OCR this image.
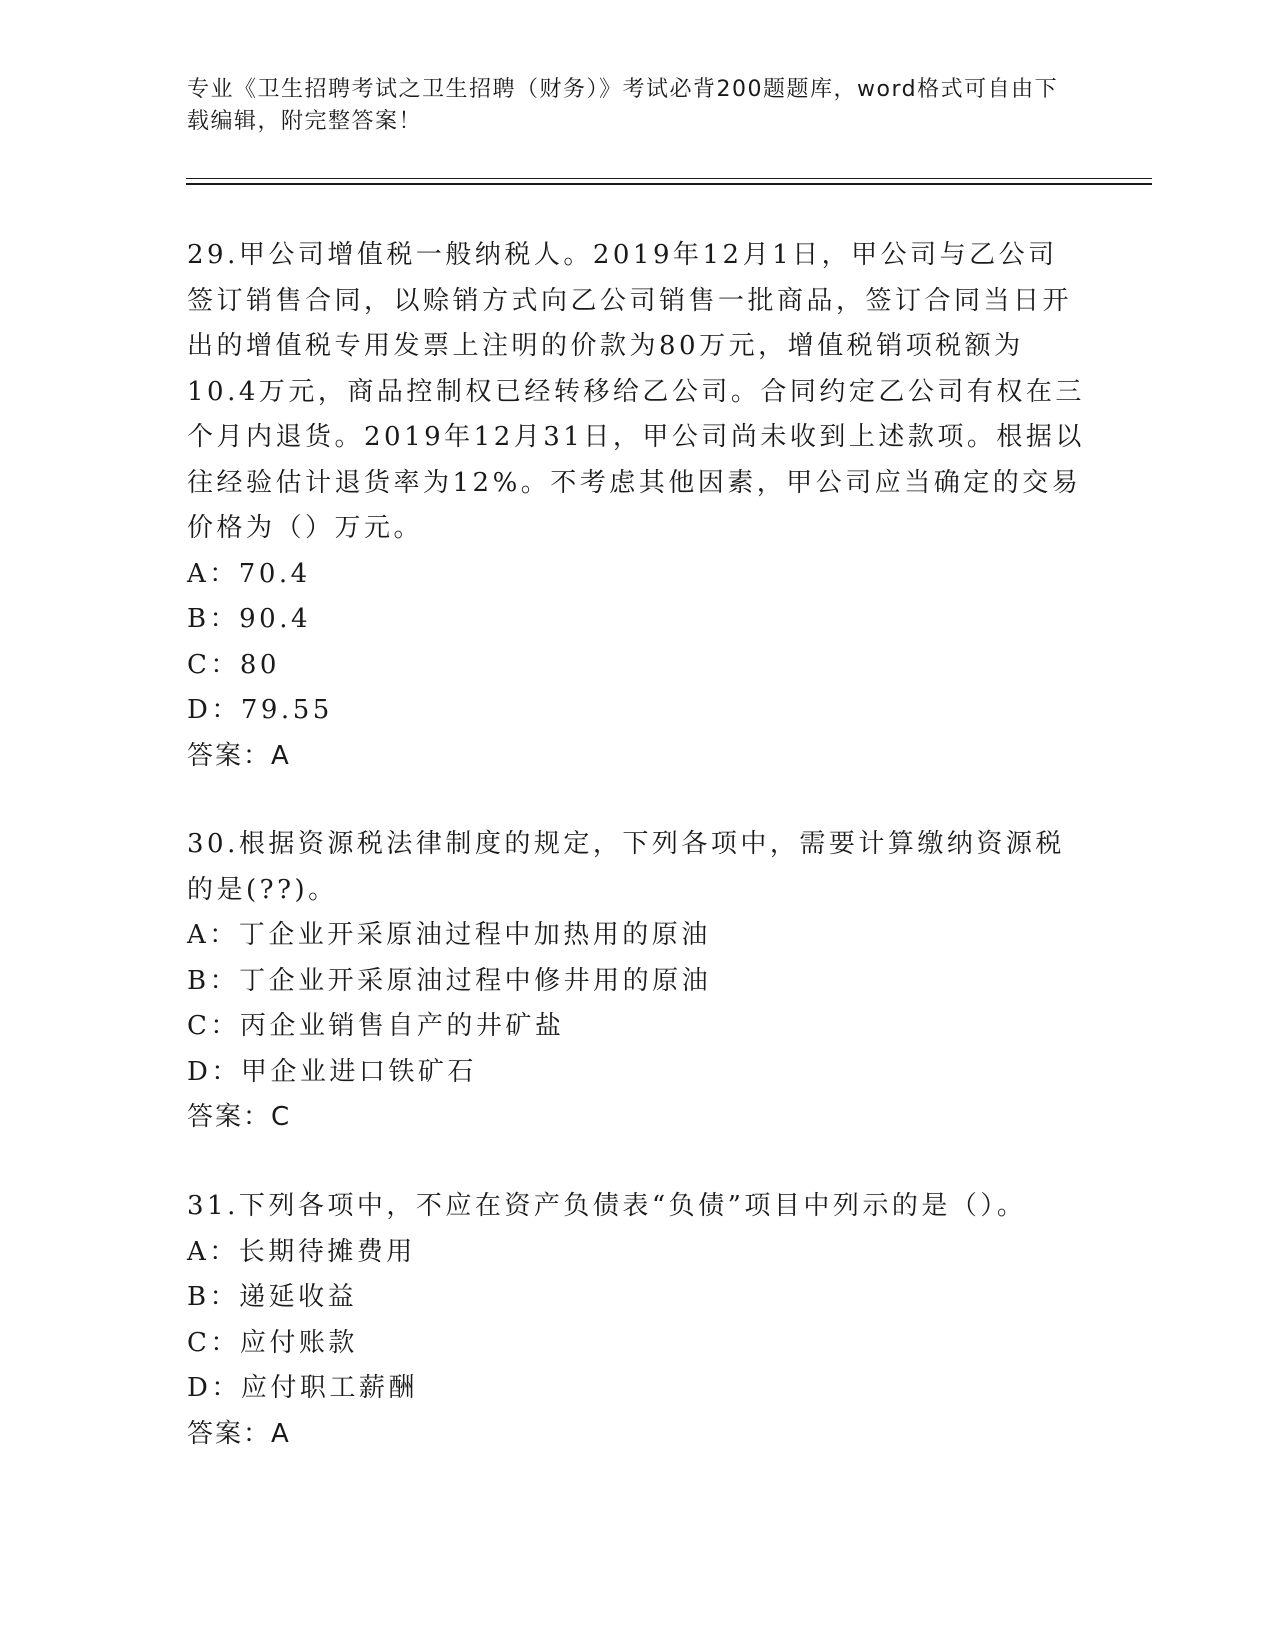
专业《卫生招聘考试之卫生招聘（财务）》考试必背200题题库，word格式可自由下载编辑，附完整答案！

29.甲公司增值税一般纳税人。2019年12月1日，甲公司与乙公司签订销售合同，以赊销方式向乙公司销售一批商品，签订合同当日开出的增值税专用发票上注明的价款为80万元，增值税销项税额为10.4万元，商品控制权已经转移给乙公司。合同约定乙公司有权在三个月内退货。2019年12月31日，甲公司尚未收到上述款项。根据以往经验估计退货率为12%。不考虑其他因素，甲公司应当确定的交易价格为（）万元。

A：70.4

B：90.4

C：80

D：79.55

答案：A

30.根据资源税法律制度的规定，下列各项中，需要计算缴纳资源税的是(??)。

A：丁企业开采原油过程中加热用的原油

B：丁企业开采原油过程中修井用的原油

C：丙企业销售自产的井矿盐

D：甲企业进口铁矿石

答案：C

31.下列各项中，不应在资产负债表“负债”项目中列示的是（）。

A：长期待摊费用

B：递延收益

C：应付账款

D：应付职工薪酬

答案：A
